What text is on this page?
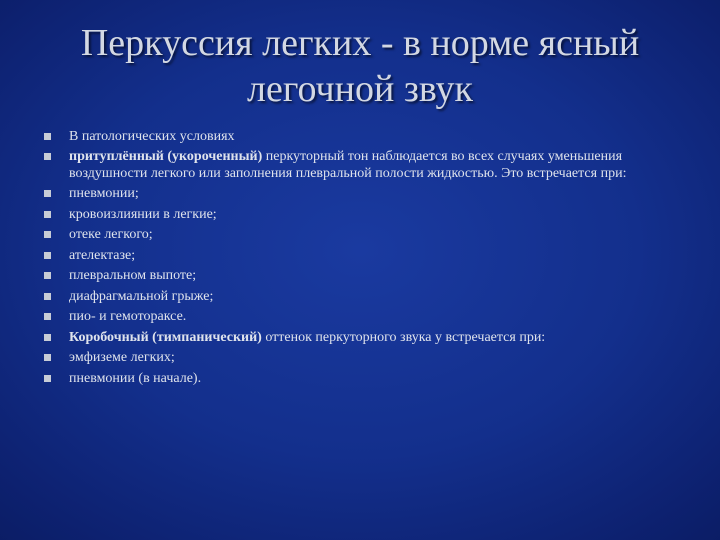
Перкуссия легких - в норме ясный
легочной звук
В патологических условиях
притуплённый (укороченный) перкуторный тон наблюдается во всех случаях уменьшения воздушности легкого или заполнения плевральной полости жидкостью. Это встречается при:
пневмонии;
кровоизлиянии в легкие;
отеке легкого;
ателектазе;
плевральном выпоте;
диафрагмальной грыже;
пио- и гемотораксе.
Коробочный (тимпанический) оттенок перкуторного звука у встречается при:
эмфиземе легких;
пневмонии (в начале).
